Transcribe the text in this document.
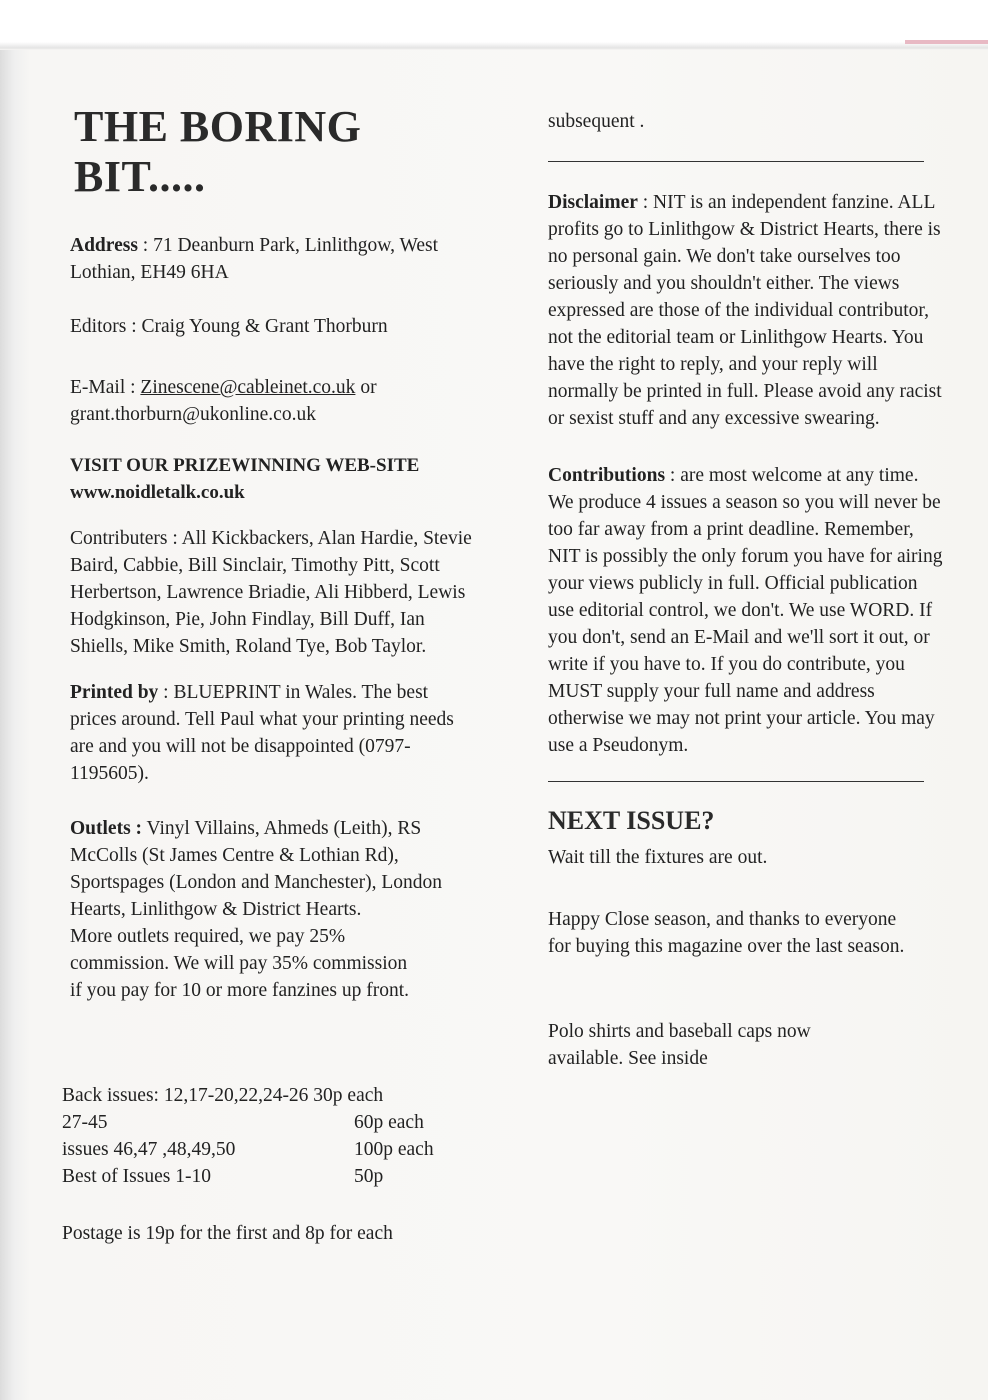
THE BORING
BIT.....

Address : 71 Deanburn Park, Linlithgow, West Lothian, EH49 6HA

Editors : Craig Young & Grant Thorburn

E-Mail : Zinescene@cableinet.co.uk or
grant.thorburn@ukonline.co.uk

VISIT OUR PRIZEWINNING WEB-SITE

www.noidletalk.co.uk

Contributers : All Kickbackers, Alan Hardie, Stevie Baird, Cabbie, Bill Sinclair, Timothy Pitt, Scott Herbertson, Lawrence Briadie, Ali Hibberd, Lewis Hodgkinson, Pie, John Findlay, Bill Duff, Ian Shiells, Mike Smith, Roland Tye, Bob Taylor.

Printed by : BLUEPRINT in Wales. The best prices around. Tell Paul what your printing needs are and you will not be disappointed (0797-1195605).

Outlets : Vinyl Villains, Ahmeds (Leith), RS McColls (St James Centre & Lothian Rd), Sportspages (London and Manchester), London Hearts, Linlithgow & District Hearts.

More outlets required, we pay 25% commission. We will pay 35% commission if you pay for 10 or more fanzines up front.

Back issues: 12,17-20,22,24-26 30p each
27-45	60p each
issues 46,47 ,48,49,50	100p each
Best of Issues 1-10	50p

Postage is 19p for the first and 8p for each

subsequent .

Disclaimer : NIT is an independent fanzine. ALL profits go to Linlithgow & District Hearts, there is no personal gain. We don't take ourselves too seriously and you shouldn't either. The views expressed are those of the individual contributor, not the editorial team or Linlithgow Hearts. You have the right to reply, and your reply will normally be printed in full. Please avoid any racist or sexist stuff and any excessive swearing.

Contributions : are most welcome at any time. We produce 4 issues a season so you will never be too far away from a print deadline. Remember, NIT is possibly the only forum you have for airing your views publicly in full. Official publication use editorial control, we don't. We use WORD. If you don't, send an E-Mail and we'll sort it out, or write if you have to. If you do contribute, you MUST supply your full name and address otherwise we may not print your article. You may use a Pseudonym.

NEXT ISSUE?

Wait till the fixtures are out.

Happy Close season, and thanks to everyone for buying this magazine over the last season.

Polo shirts and baseball caps now available. See inside
